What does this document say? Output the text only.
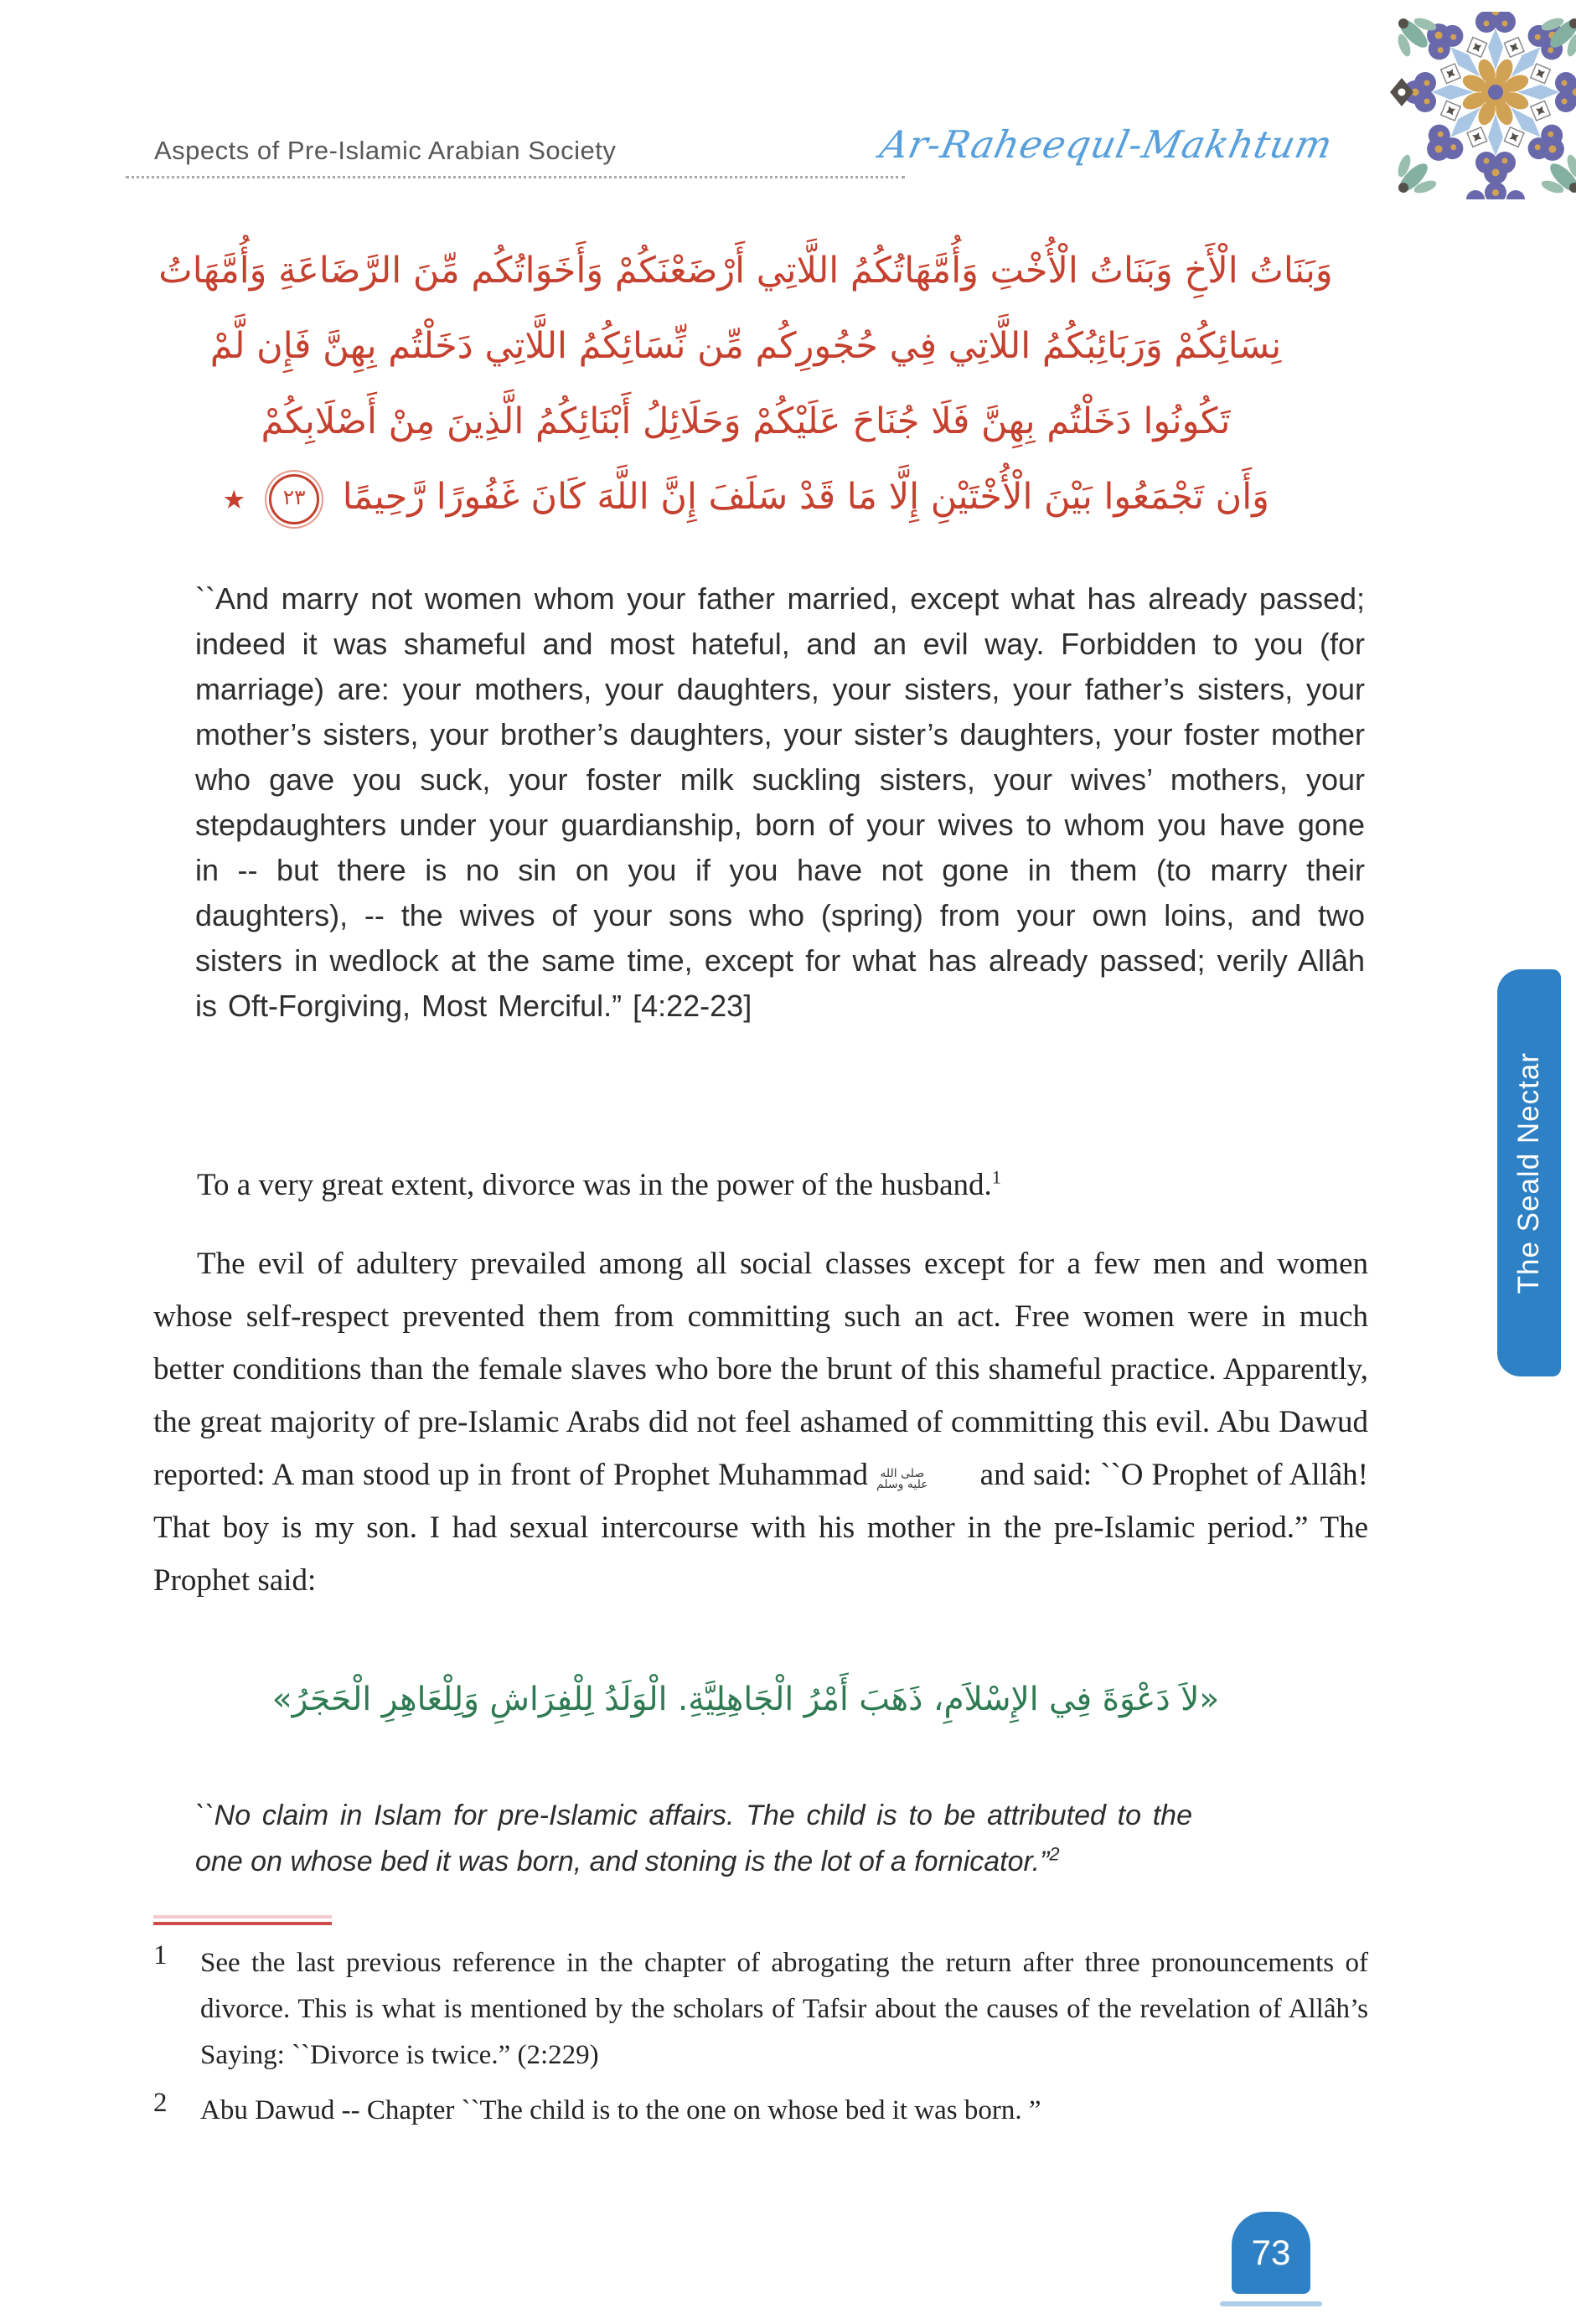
Aspects of Pre-Islamic Arabian Society	Ar-Raheequl-Makhtum
وَبَنَاتُ الْأَخِ وَبَنَاتُ الْأُخْتِ وَأُمَّهَاتُكُمُ اللَّاتِي أَرْضَعْنَكُمْ وَأَخَوَاتُكُم مِّنَ الرَّضَاعَةِ وَأُمَّهَاتُ
نِسَائِكُمْ وَرَبَائِبُكُمُ اللَّاتِي فِي حُجُورِكُم مِّن نِّسَائِكُمُ اللَّاتِي دَخَلْتُم بِهِنَّ فَإِن لَّمْ
تَكُونُوا دَخَلْتُم بِهِنَّ فَلَا جُنَاحَ عَلَيْكُمْ وَحَلَائِلُ أَبْنَائِكُمُ الَّذِينَ مِنْ أَصْلَابِكُمْ
وَأَن تَجْمَعُوا بَيْنَ الْأُخْتَيْنِ إِلَّا مَا قَدْ سَلَفَ إِنَّ اللَّهَ كَانَ غَفُورًا رَّحِيمًا ٢٣ ٭

``And marry not women whom your father married, except what has already passed; indeed it was shameful and most hateful, and an evil way. Forbidden to you (for marriage) are: your mothers, your daughters, your sisters, your father’s sisters, your mother’s sisters, your brother’s daughters, your sister’s daughters, your foster mother who gave you suck, your foster milk suckling sisters, your wives’ mothers, your stepdaughters under your guardianship, born of your wives to whom you have gone in -- but there is no sin on you if you have not gone in them (to marry their daughters), -- the wives of your sons who (spring) from your own loins, and two sisters in wedlock at the same time, except for what has already passed; verily Allâh is Oft-Forgiving, Most Merciful.” [4:22-23]

To a very great extent, divorce was in the power of the husband.$^1$

The evil of adultery prevailed among all social classes except for a few men and women whose self-respect prevented them from committing such an act. Free women were in much better conditions than the female slaves who bore the brunt of this shameful practice. Apparently, the great majority of pre-Islamic Arabs did not feel ashamed of committing this evil. Abu Dawud reported: A man stood up in front of Prophet Muhammad صلى الله
عليه وسلم	and said: ``O Prophet of Allâh! That boy is my son. I had sexual intercourse with his mother in the pre-Islamic period.” The Prophet said:

«لاَ دَعْوَةَ فِي الإِسْلاَمِ، ذَهَبَ أَمْرُ الْجَاهِلِيَّةِ. الْوَلَدُ لِلْفِرَاشِ وَلِلْعَاهِرِ الْحَجَرُ»

``No claim in Islam for pre-Islamic affairs. The child is to be attributed to the one on whose bed it was born, and stoning is the lot of a fornicator.”$^2$

1 See the last previous reference in the chapter of abrogating the return after three pronouncements of divorce. This is what is mentioned by the scholars of Tafsir about the causes of the revelation of Allâh’s Saying: ``Divorce is twice.” (2:229)
2 Abu Dawud -- Chapter ``The child is to the one on whose bed it was born. ”
The Seald Nectar
73
